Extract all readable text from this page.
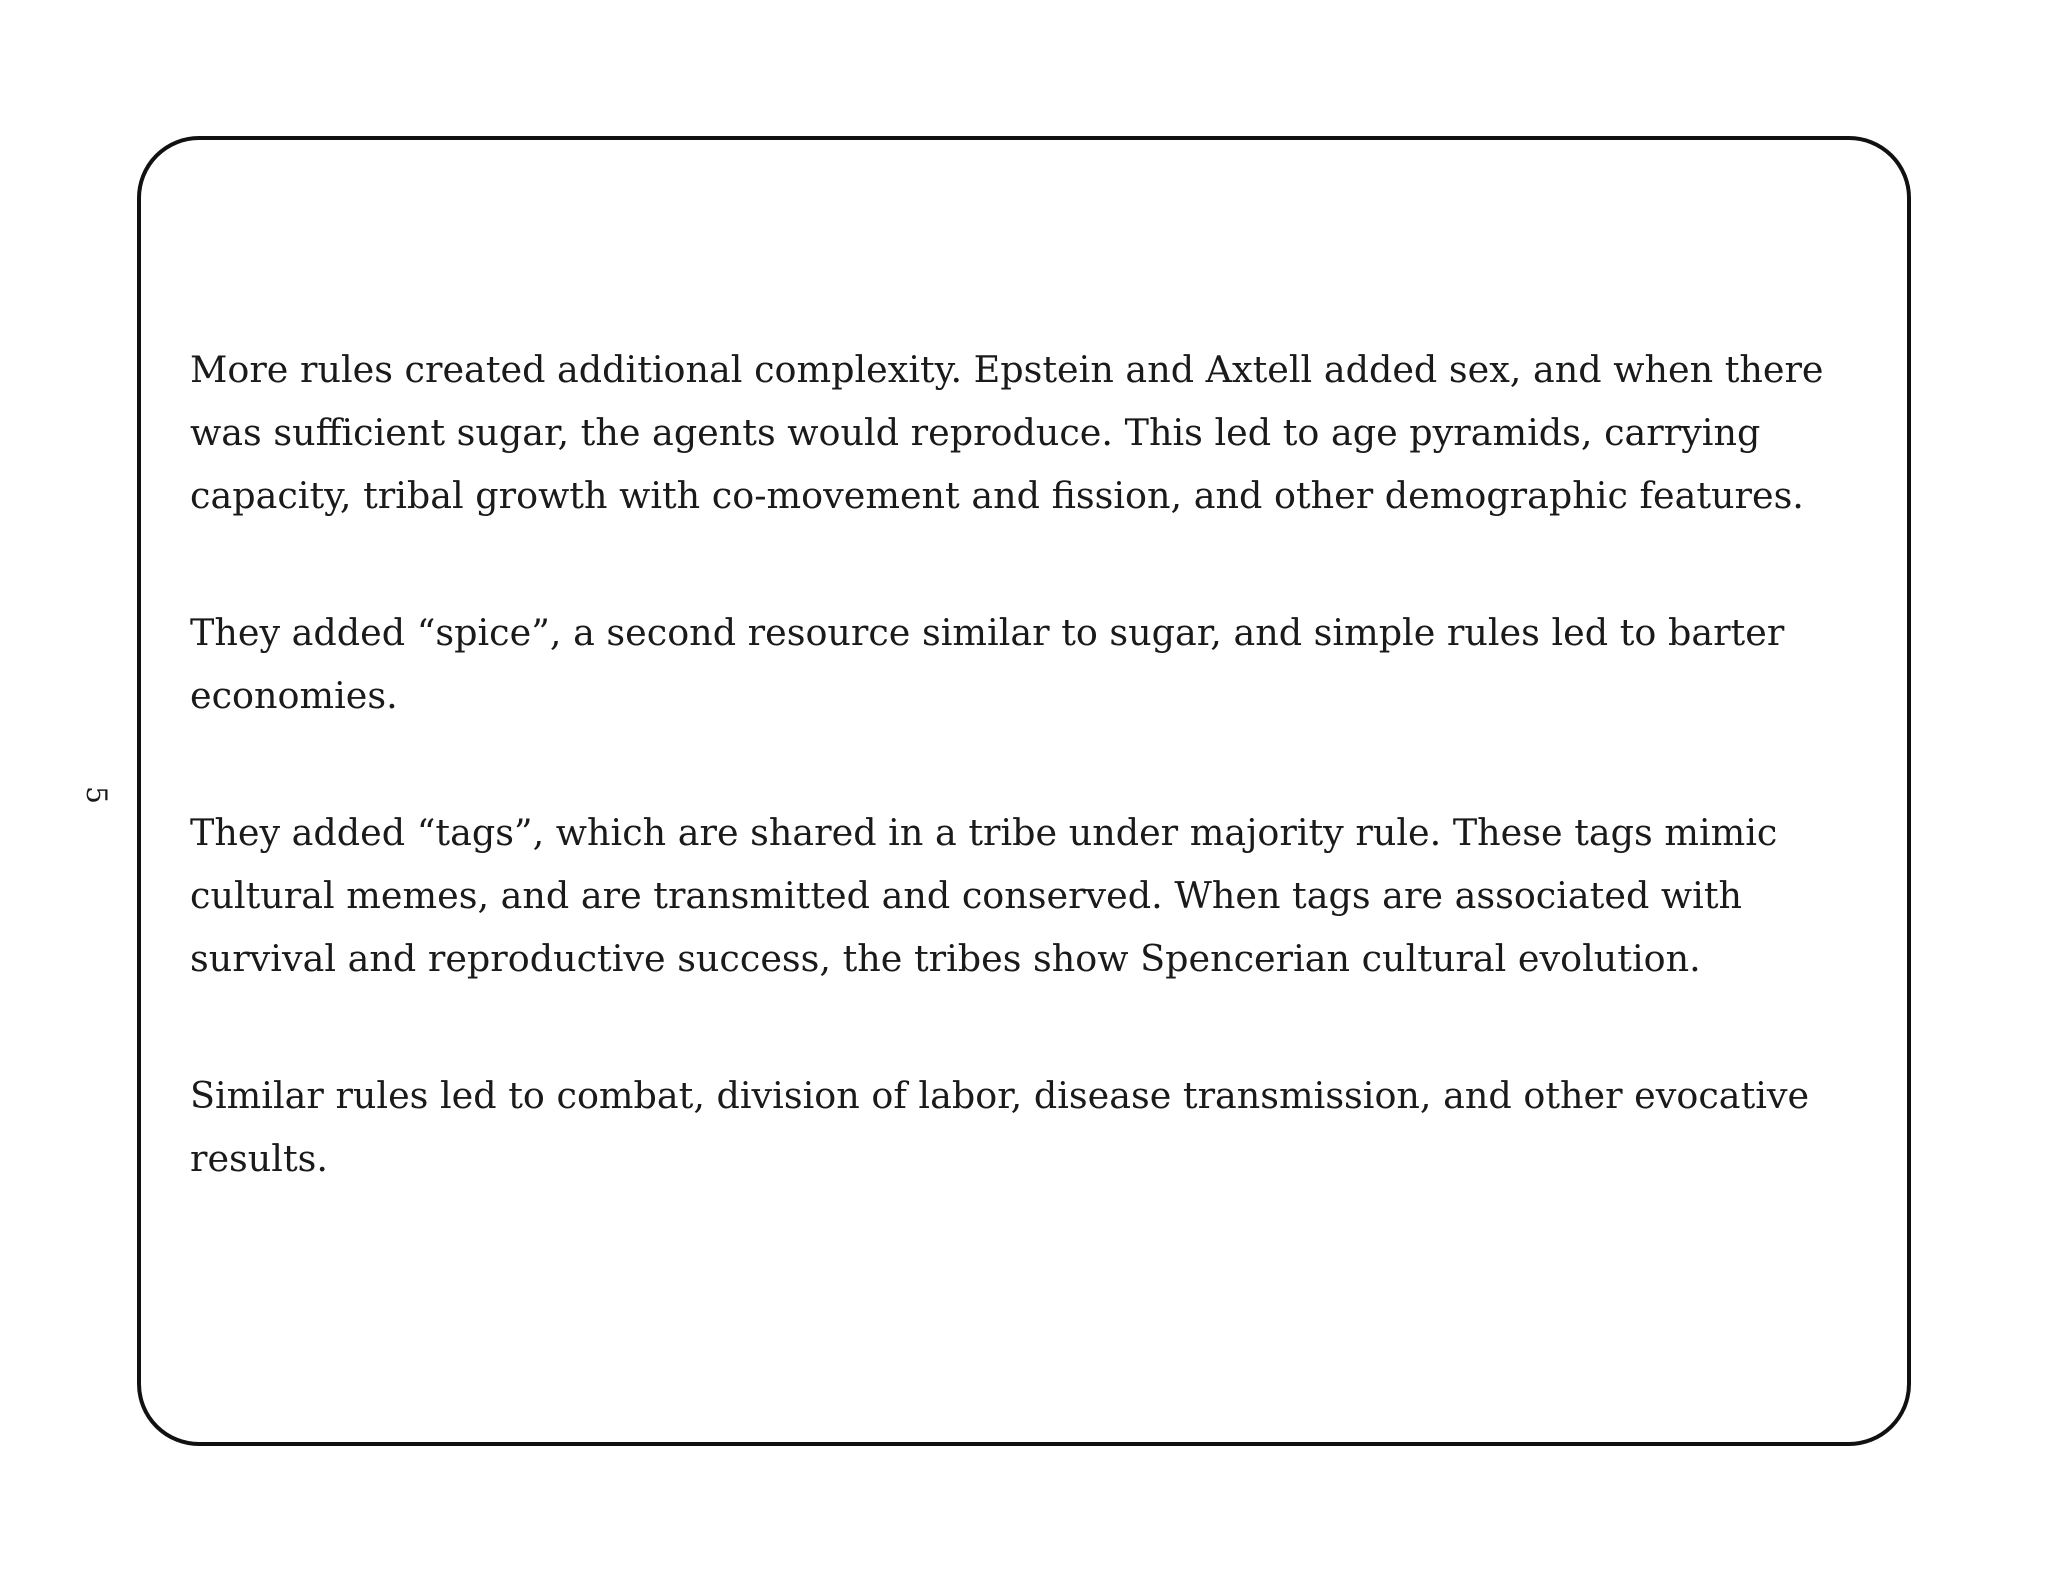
5

More rules created additional complexity. Epstein and Axtell added sex, and when there was sufficient sugar, the agents would reproduce. This led to age pyramids, carrying capacity, tribal growth with co-movement and fission, and other demographic features.

They added “spice”, a second resource similar to sugar, and simple rules led to barter economies.

They added “tags”, which are shared in a tribe under majority rule. These tags mimic cultural memes, and are transmitted and conserved. When tags are associated with survival and reproductive success, the tribes show Spencerian cultural evolution.

Similar rules led to combat, division of labor, disease transmission, and other evocative results.
